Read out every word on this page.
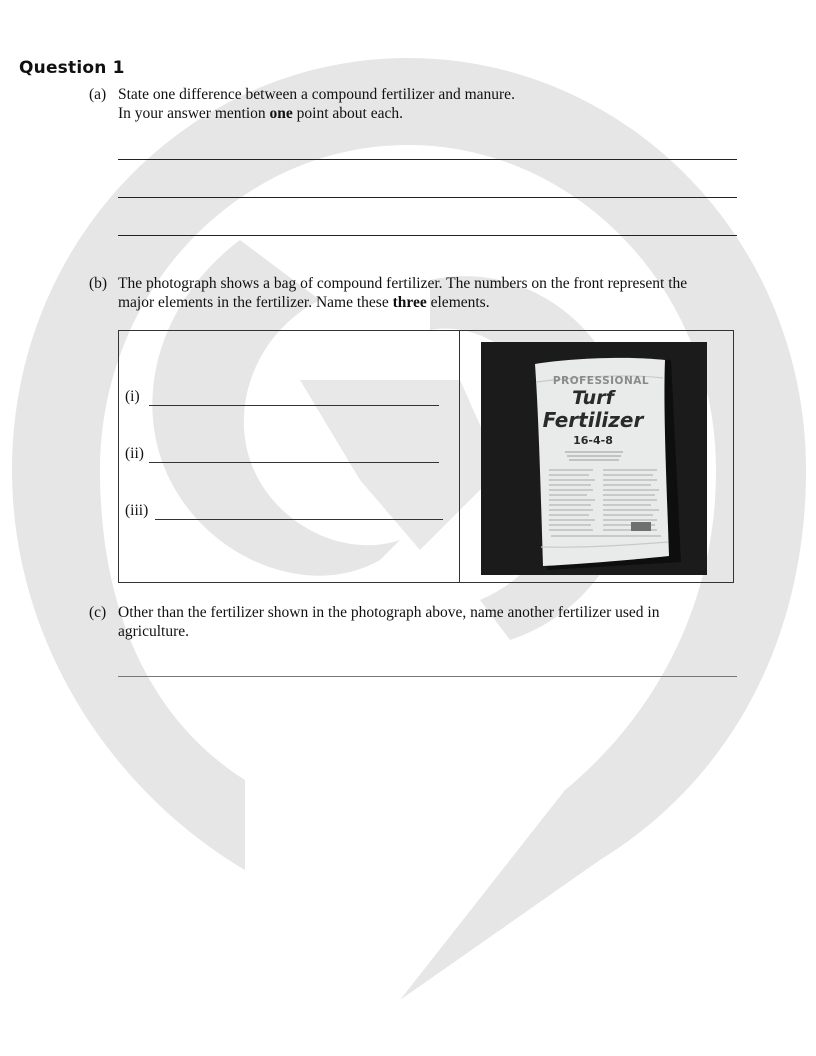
Question 1
(a) State one difference between a compound fertilizer and manure.
In your answer mention one point about each.
(b) The photograph shows a bag of compound fertilizer. The numbers on the front represent the
major elements in the fertilizer. Name these three elements.
(i)
(ii)
(iii)
PROFESSIONAL
Turf
Fertilizer
16-4-8
(c) Other than the fertilizer shown in the photograph above, name another fertilizer used in
agriculture.
